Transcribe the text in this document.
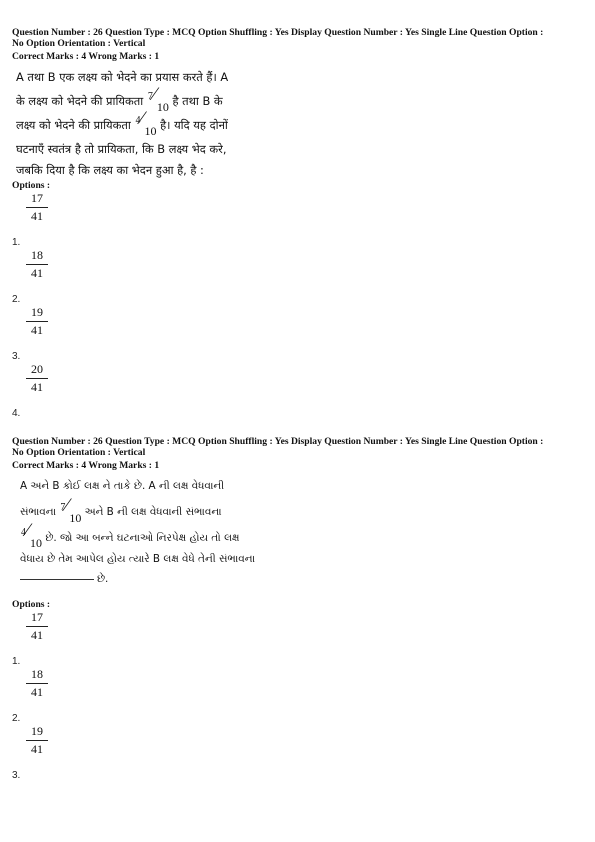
Question Number : 26 Question Type : MCQ Option Shuffling : Yes Display Question Number : Yes Single Line Question Option :

No Option Orientation : Vertical

Correct Marks : 4 Wrong Marks : 1

A तथा B एक लक्ष्य को भेदने का प्रयास करते हैं। A
के लक्ष्य को भेदने की प्रायिकता 7 ⁄
10 है तथा B के
लक्ष्य को भेदने की प्रायिकता 4 ⁄
10 है। यदि यह दोनों
घटनाएँ स्वतंत्र है तो प्रायिकता, कि B लक्ष्य भेद करे,
जबकि दिया है कि लक्ष्य का भेदन हुआ है, है :

Options :

1.
17
41
2.
18
41
3.
19
41
4.
20
41

Question Number : 26 Question Type : MCQ Option Shuffling : Yes Display Question Number : Yes Single Line Question Option :

No Option Orientation : Vertical

Correct Marks : 4 Wrong Marks : 1

A અને B કોઈ લક્ષ ને તાકે છે. A ની લક્ષ વેધવાની
સંભાવના 7 ⁄
10 અને B ની લક્ષ વેધવાની સંભાવના
4 ⁄
10 છે. જો આ બન્ને ઘટનાઓ નિરપેક્ષ હોય તો લક્ષ
વેધાય છે તેમ આપેલ હોય ત્યારે B લક્ષ વેધે તેની સંભાવના
છે.

Options :

1.
17
41
2.
18
41
3.
19
41
